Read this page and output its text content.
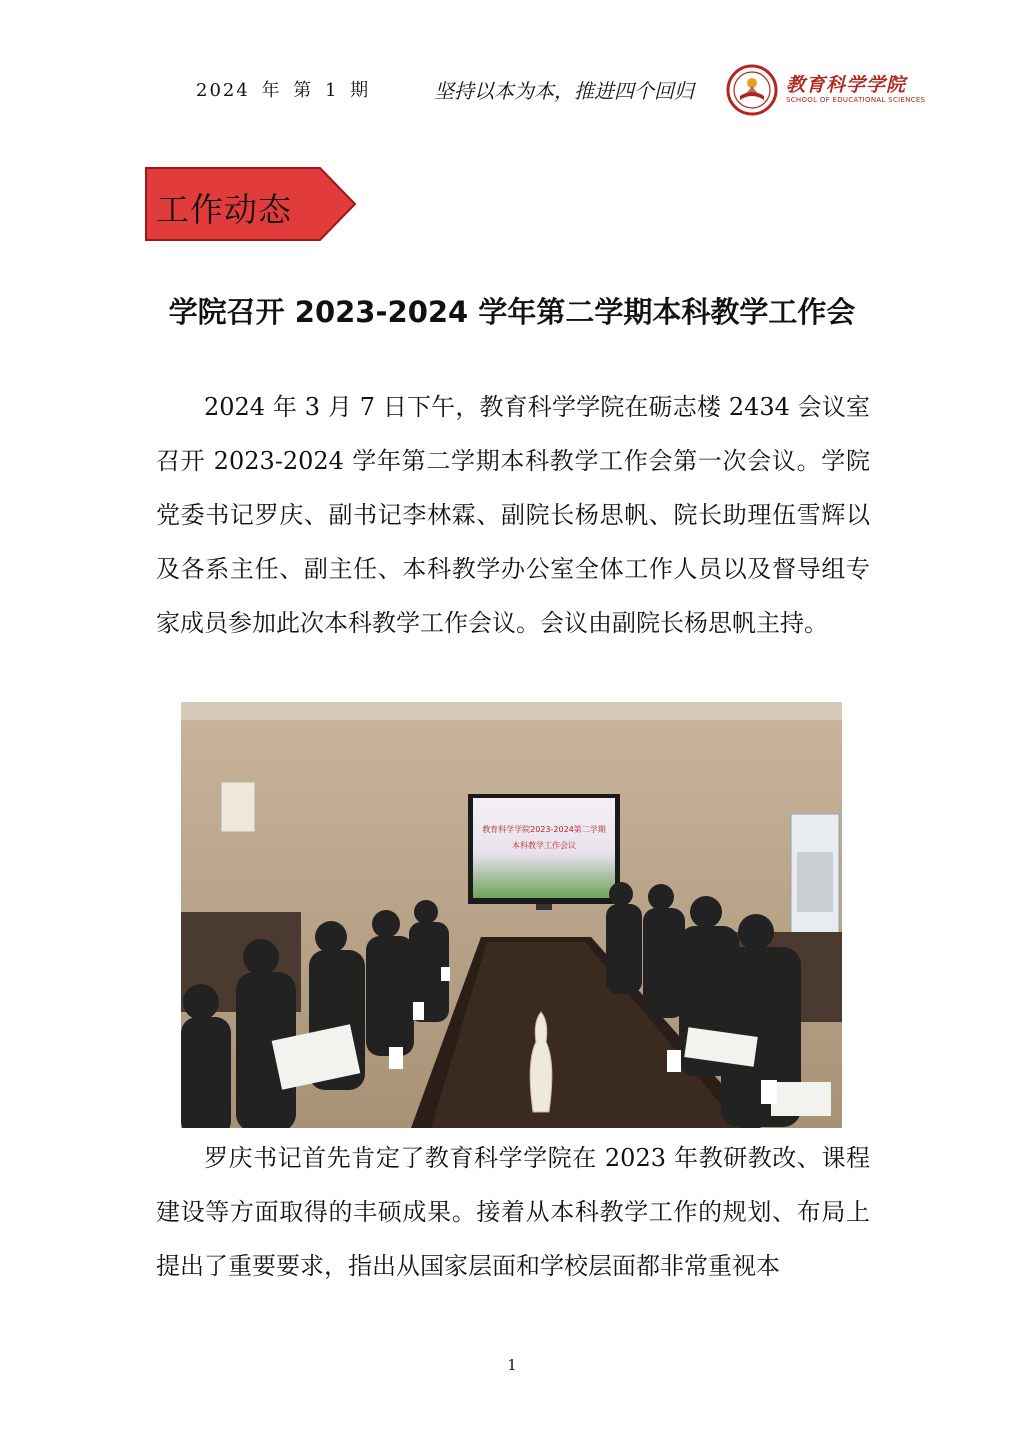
2024 年 第 1 期	坚持以本为本，推进四个回归	教育科学学院
SCHOOL OF EDUCATIONAL SCIENCES
工作动态
学院召开 2023-2024 学年第二学期本科教学工作会

2024 年 3 月 7 日下午，教育科学学院在砺志楼 2434 会议室召开 2023-2024 学年第二学期本科教学工作会第一次会议。学院党委书记罗庆、副书记李林霖、副院长杨思帆、院长助理伍雪辉以及各系主任、副主任、本科教学办公室全体工作人员以及督导组专家成员参加此次本科教学工作会议。会议由副院长杨思帆主持。

教育科学学院2023-2024第二学期
本科教学工作会议

罗庆书记首先肯定了教育科学学院在 2023 年教研教改、课程建设等方面取得的丰硕成果。接着从本科教学工作的规划、布局上提出了重要要求，指出从国家层面和学校层面都非常重视本

1
